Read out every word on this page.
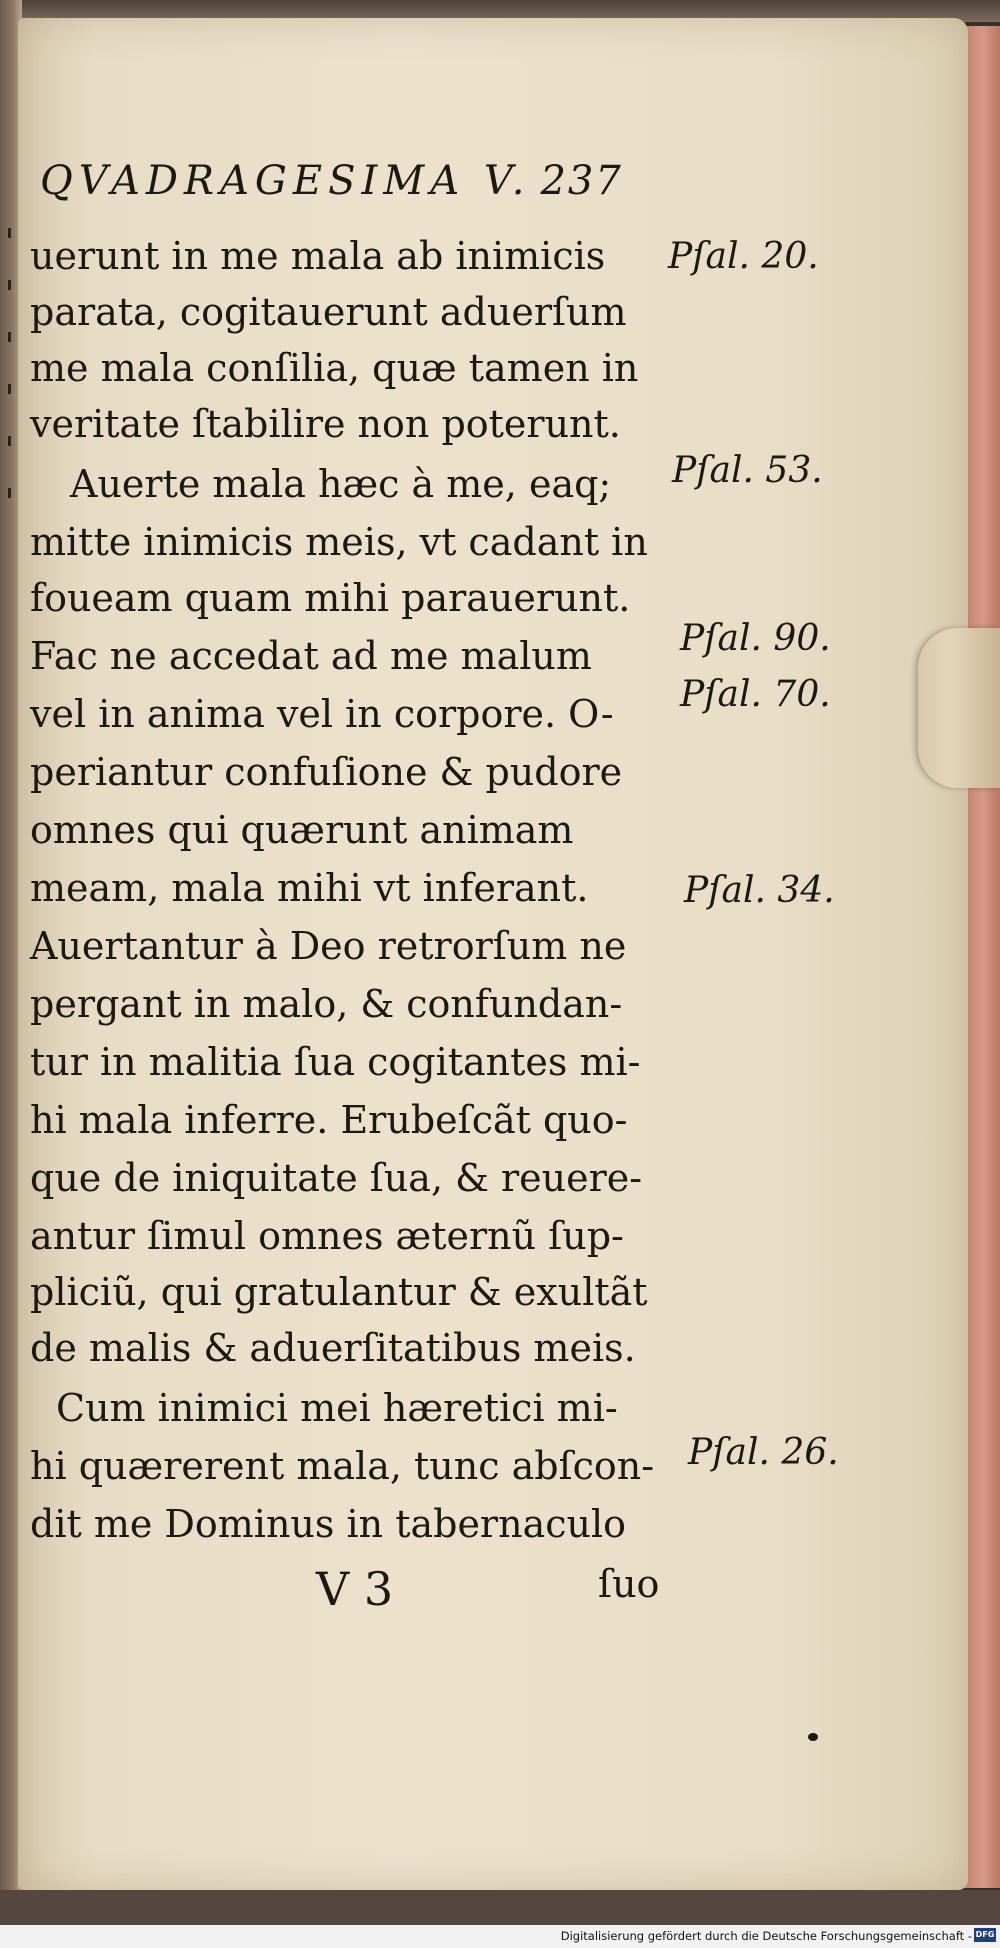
QVADRAGESIMA V. 237
uerunt in me mala ab inimicis
parata, cogitauerunt aduerſum
me mala conſilia, quæ tamen in
veritate ſtabilire non poterunt.
Auerte mala hæc à me, eaq;
mitte inimicis meis, vt cadant in
foueam quam mihi parauerunt.
Fac ne accedat ad me malum
vel in anima vel in corpore. O-
periantur confuſione & pudore
omnes qui quærunt animam
meam, mala mihi vt inferant.
Auertantur à Deo retrorſum ne
pergant in malo, & confundan-
tur in malitia ſua cogitantes mi-
hi mala inferre. Erubeſcãt quo-
que de iniquitate ſua, & reuere-
antur ſimul omnes æternũ ſup-
pliciũ, qui gratulantur & exultãt
de malis & aduerſitatibus meis.
Cum inimici mei hæretici mi-
hi quærerent mala, tunc abſcon-
dit me Dominus in tabernaculo
Pſal. 20.
Pſal. 53.
Pſal. 90.
Pſal. 70.
Pſal. 34.
Pſal. 26.
V 3	ſuo
Digitalisierung gefördert durch die Deutsche Forschungsgemeinschaft - DFG
